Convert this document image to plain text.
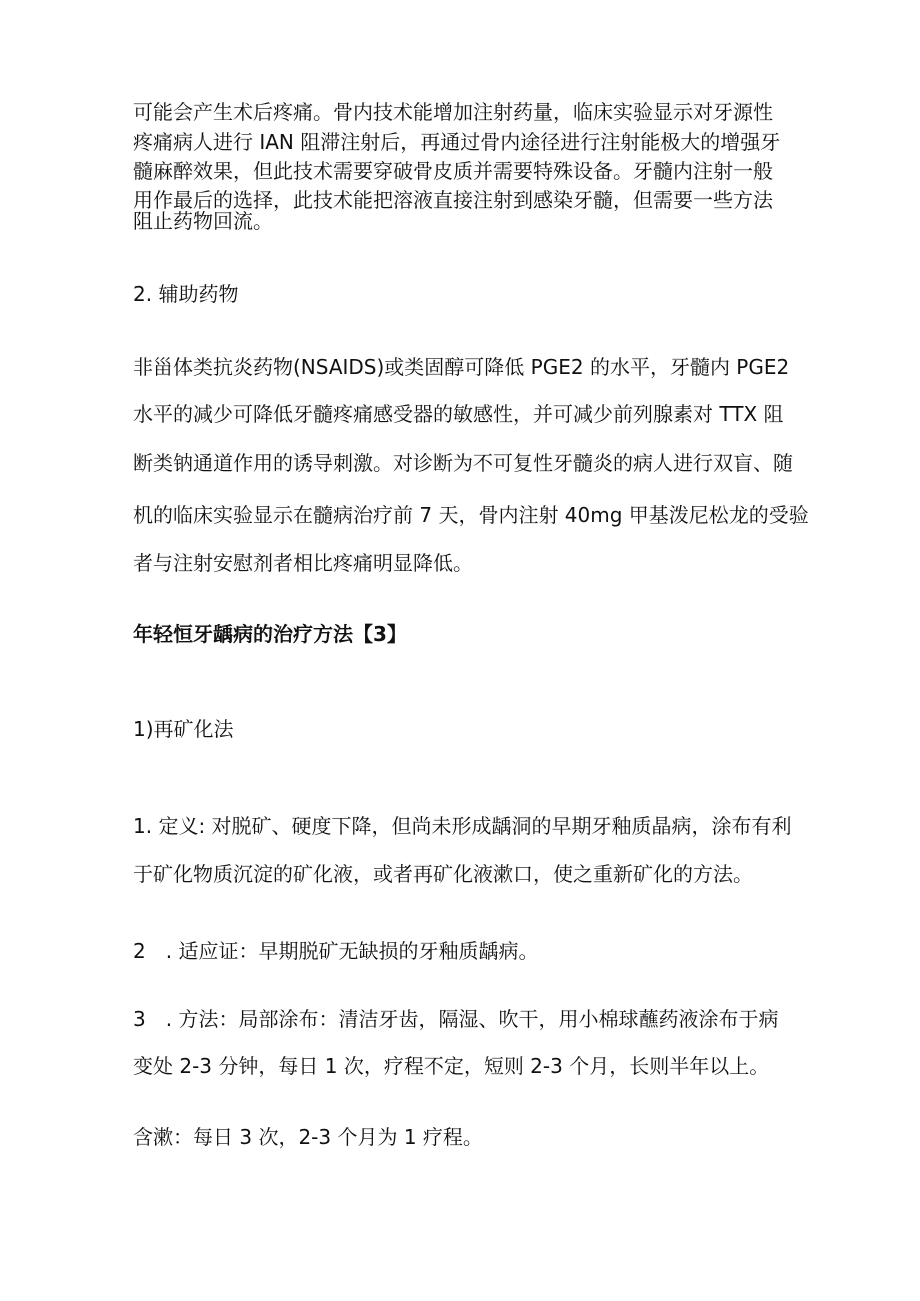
可能会产生术后疼痛。骨内技术能增加注射药量，临床实验显示对牙源性
疼痛病人进行 IAN 阻滞注射后，再通过骨内途径进行注射能极大的增强牙
髓麻醉效果，但此技术需要穿破骨皮质并需要特殊设备。牙髓内注射一般
用作最后的选择，此技术能把溶液直接注射到感染牙髓，但需要一些方法
阻止药物回流。
2. 辅助药物
非甾体类抗炎药物(NSAIDS)或类固醇可降低 PGE2 的水平，牙髓内 PGE2
水平的减少可降低牙髓疼痛感受器的敏感性，并可减少前列腺素对 TTX 阻
断类钠通道作用的诱导刺激。对诊断为不可复性牙髓炎的病人进行双盲、随
机的临床实验显示在髓病治疗前 7 天，骨内注射 40mg 甲基泼尼松龙的受验
者与注射安慰剂者相比疼痛明显降低。
年轻恒牙龋病的治疗方法【3】
1)再矿化法
1. 定义: 对脱矿、硬度下降，但尚未形成龋洞的早期牙釉质晶病，涂布有利
于矿化物质沉淀的矿化液，或者再矿化液漱口，使之重新矿化的方法。
2　. 适应证：早期脱矿无缺损的牙釉质龋病。
3　. 方法：局部涂布：清洁牙齿，隔湿、吹干，用小棉球蘸药液涂布于病
变处 2-3 分钟，每日 1 次，疗程不定，短则 2-3 个月，长则半年以上。
含漱：每日 3 次，2-3 个月为 1 疗程。
